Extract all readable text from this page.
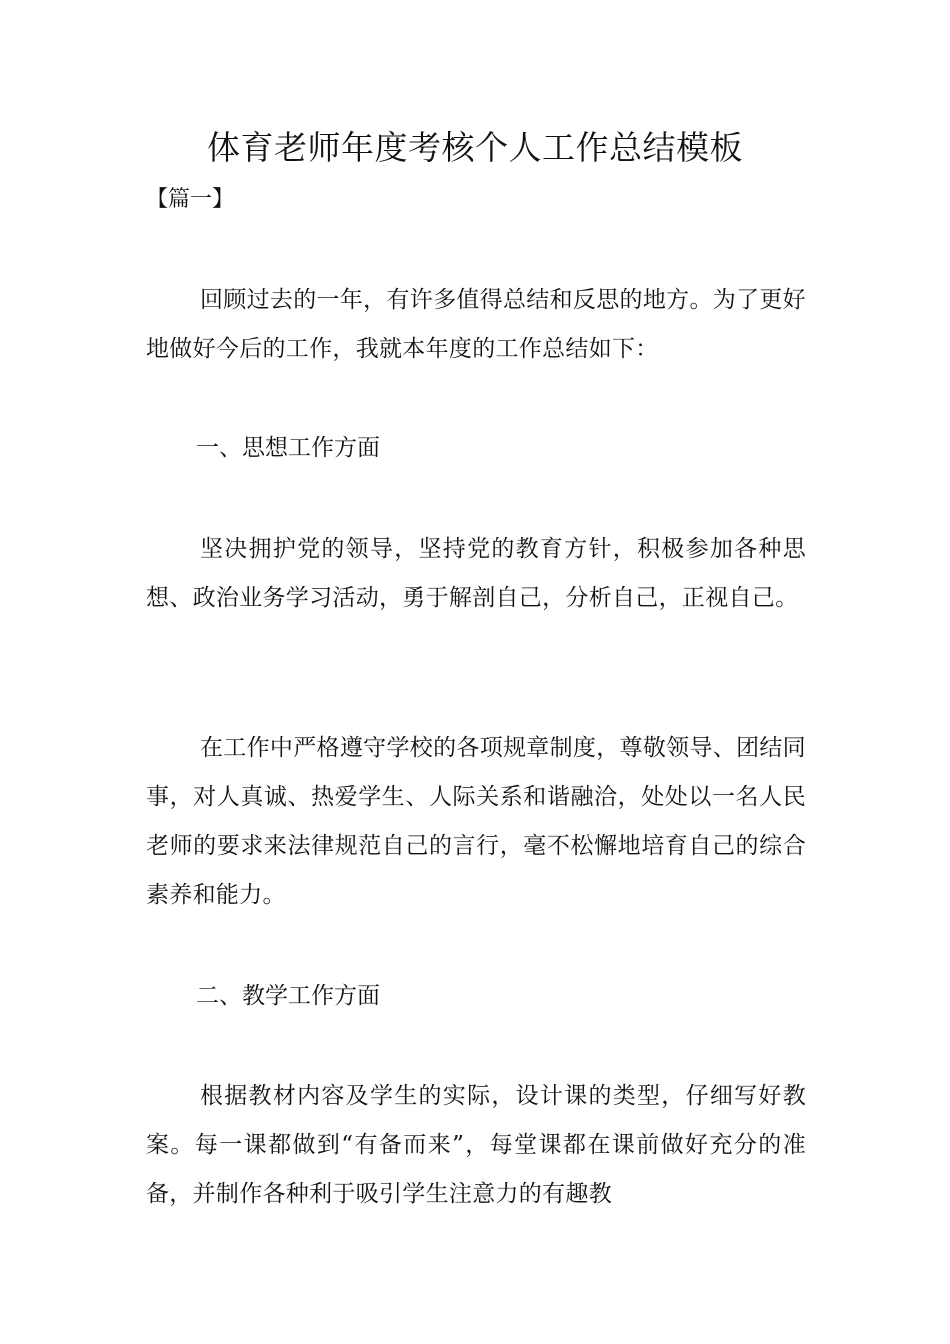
体育老师年度考核个人工作总结模板
【篇一】
回顾过去的一年，有许多值得总结和反思的地方。为了更好地做好今后的工作，我就本年度的工作总结如下：
一、思想工作方面
坚决拥护党的领导，坚持党的教育方针，积极参加各种思想、政治业务学习活动，勇于解剖自己，分析自己，正视自己。
在工作中严格遵守学校的各项规章制度，尊敬领导、团结同事，对人真诚、热爱学生、人际关系和谐融洽，处处以一名人民老师的要求来法律规范自己的言行，毫不松懈地培育自己的综合素养和能力。
二、教学工作方面
根据教材内容及学生的实际，设计课的类型，仔细写好教案。每一课都做到“有备而来”，每堂课都在课前做好充分的准备，并制作各种利于吸引学生注意力的有趣教
